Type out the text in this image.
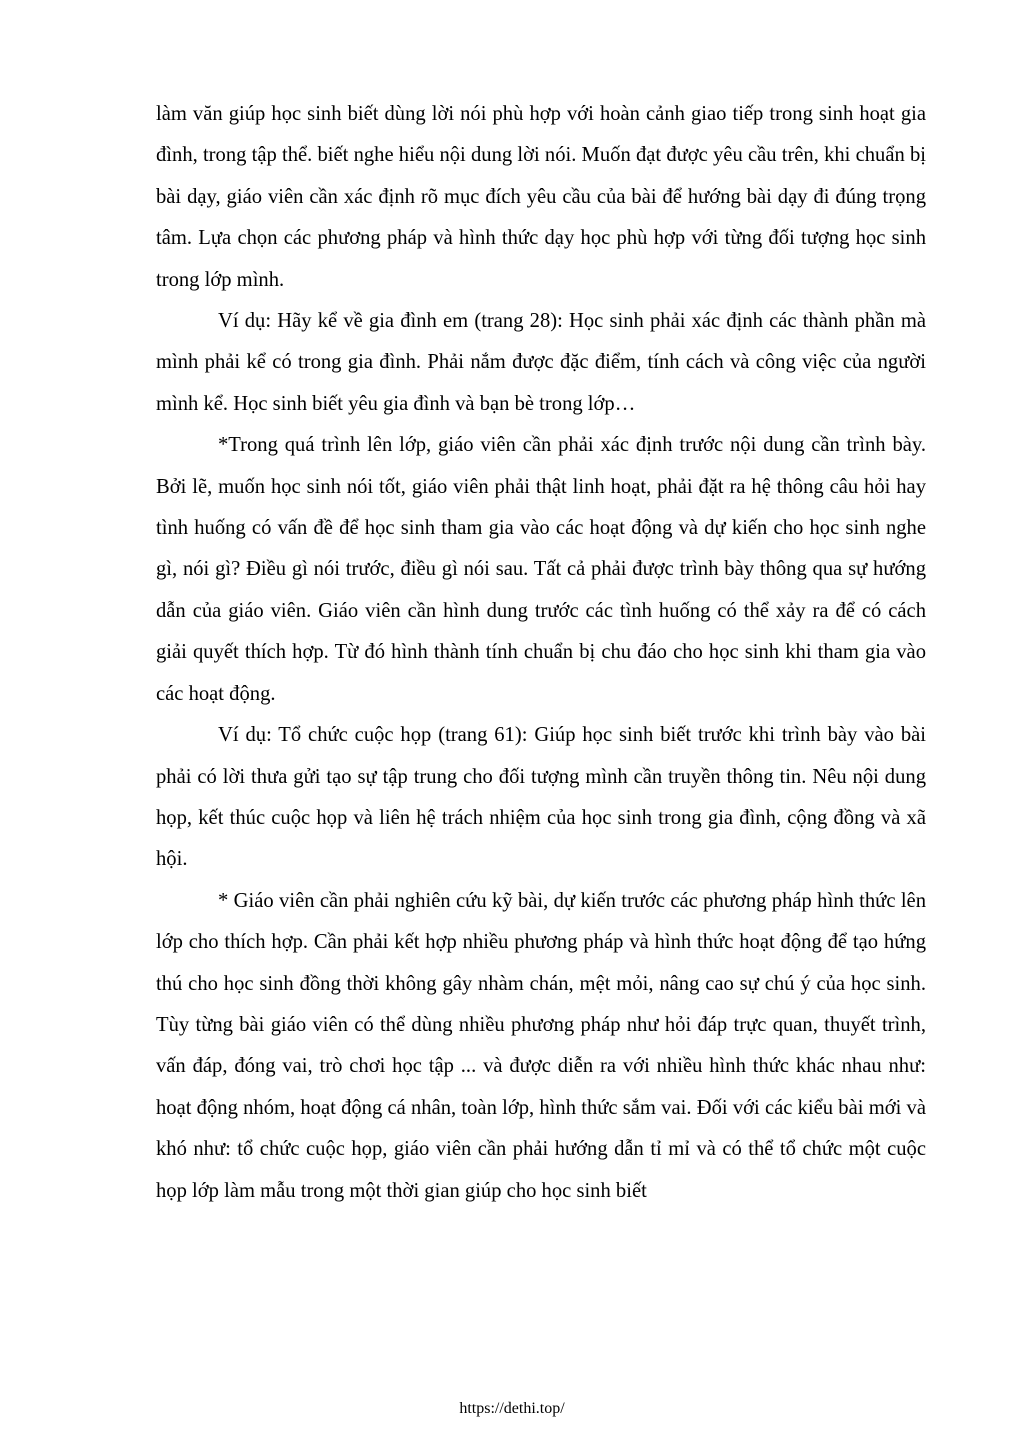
làm văn giúp học sinh biết dùng lời nói phù hợp với hoàn cảnh giao tiếp trong sinh hoạt gia đình, trong tập thể. biết nghe hiểu nội dung lời nói. Muốn đạt được yêu cầu trên, khi chuẩn bị bài dạy, giáo viên cần xác định rõ mục đích yêu cầu của bài để hướng bài dạy đi đúng trọng tâm. Lựa chọn các phương pháp và hình thức dạy học phù hợp với từng đối tượng học sinh trong lớp mình.

Ví dụ: Hãy kể về gia đình em (trang 28): Học sinh phải xác định các thành phần mà mình phải kể có trong gia đình. Phải nắm được đặc điểm, tính cách và công việc của người mình kể. Học sinh biết yêu gia đình và bạn bè trong lớp…

*Trong quá trình lên lớp, giáo viên cần phải xác định trước nội dung cần trình bày. Bởi lẽ, muốn học sinh nói tốt, giáo viên phải thật linh hoạt, phải đặt ra hệ thông câu hỏi hay tình huống có vấn đề để học sinh tham gia vào các hoạt động và dự kiến cho học sinh nghe gì, nói gì? Điều gì nói trước, điều gì nói sau. Tất cả phải được trình bày thông qua sự hướng dẫn của giáo viên. Giáo viên cần hình dung trước các tình huống có thể xảy ra để có cách giải quyết thích hợp. Từ đó hình thành tính chuẩn bị chu đáo cho học sinh khi tham gia vào các hoạt động.

Ví dụ: Tổ chức cuộc họp (trang 61): Giúp học sinh biết trước khi trình bày vào bài phải có lời thưa gửi tạo sự tập trung cho đối tượng mình cần truyền thông tin. Nêu nội dung họp, kết thúc cuộc họp và liên hệ trách nhiệm của học sinh trong gia đình, cộng đồng và xã hội.

* Giáo viên cần phải nghiên cứu kỹ bài, dự kiến trước các phương pháp hình thức lên lớp cho thích hợp. Cần phải kết hợp nhiều phương pháp và hình thức hoạt động để tạo hứng thú cho học sinh đồng thời không gây nhàm chán, mệt mỏi, nâng cao sự chú ý của học sinh. Tùy từng bài giáo viên có thể dùng nhiều phương pháp như hỏi đáp trực quan, thuyết trình, vấn đáp, đóng vai, trò chơi học tập ... và được diễn ra với nhiều hình thức khác nhau như: hoạt động nhóm, hoạt động cá nhân, toàn lớp, hình thức sắm vai. Đối với các kiểu bài mới và khó như: tổ chức cuộc họp, giáo viên cần phải hướng dẫn tỉ mỉ và có thể tổ chức một cuộc họp lớp làm mẫu trong một thời gian giúp cho học sinh biết

https://dethi.top/
